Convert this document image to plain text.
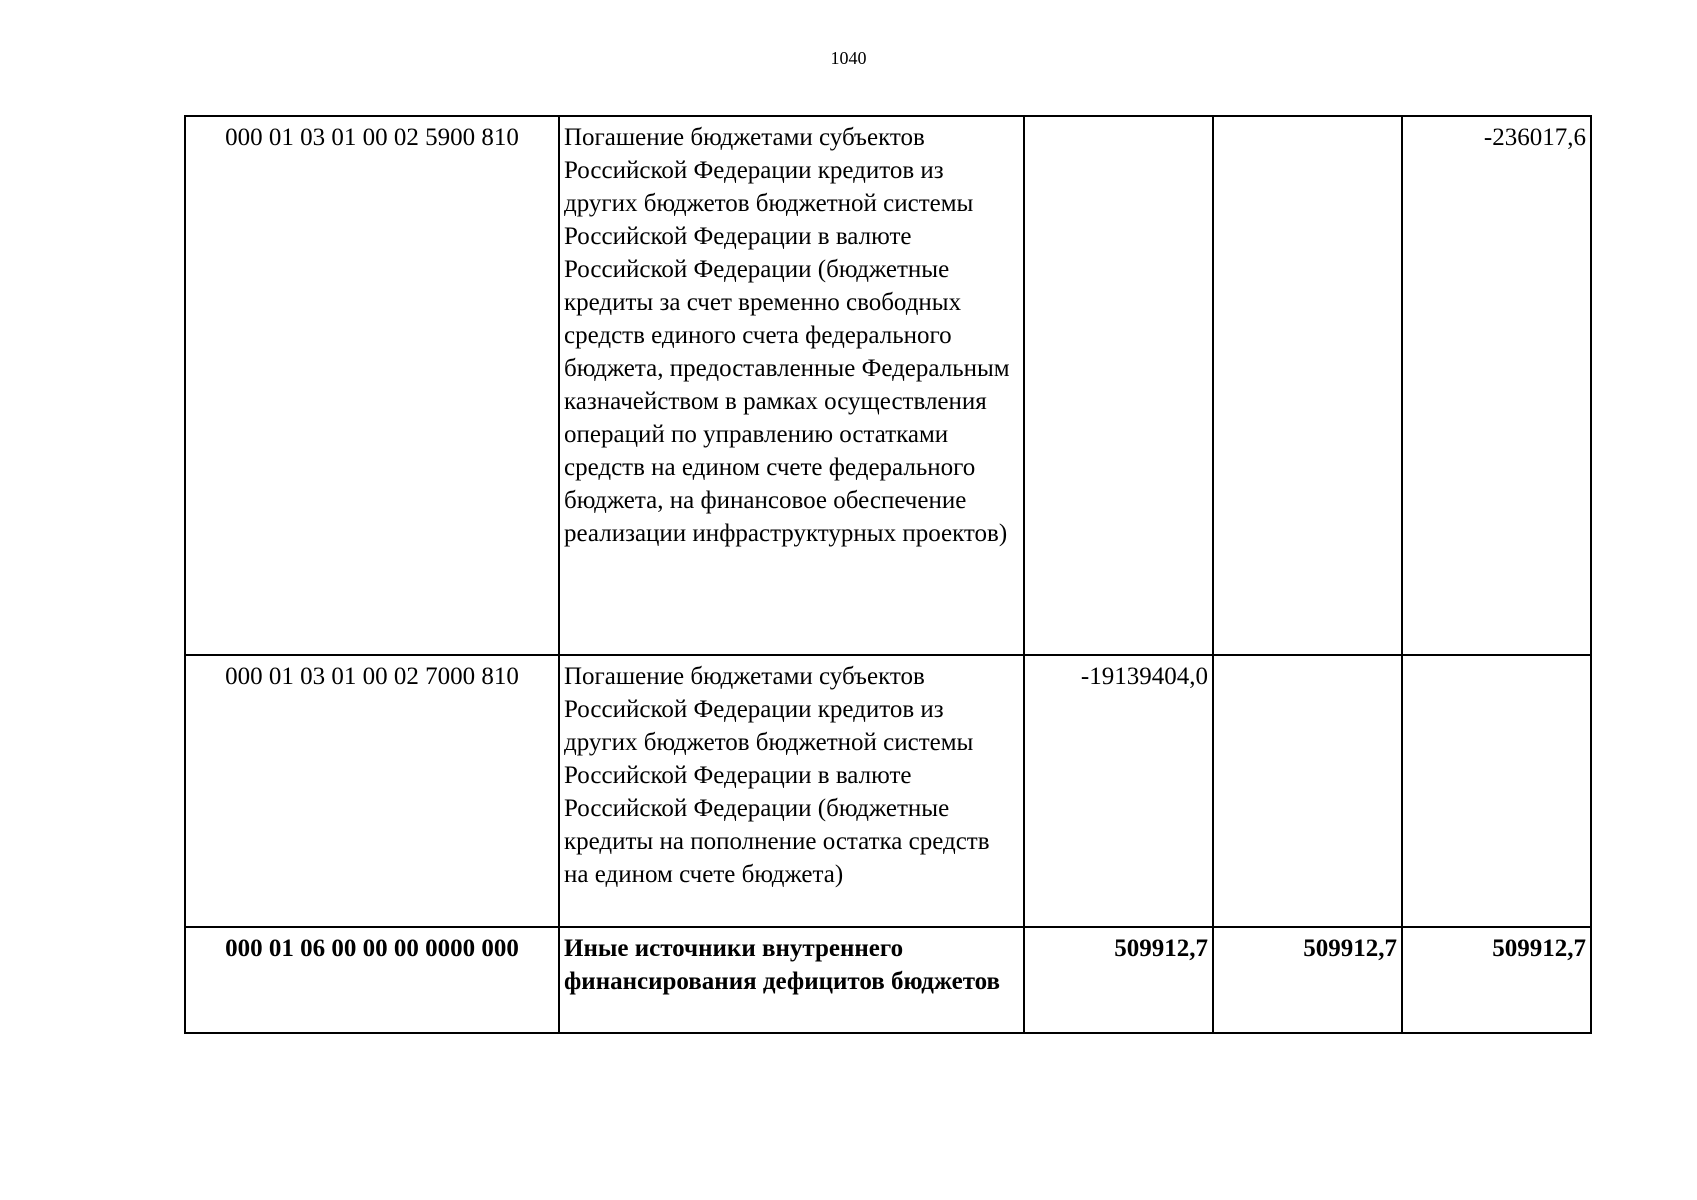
1040
000 01 03 01 00 02 5900 810	Погашение бюджетами субъектов Российской Федерации кредитов из других бюджетов бюджетной системы Российской Федерации в валюте Российской Федерации (бюджетные кредиты за счет временно свободных средств единого счета федерального бюджета, предоставленные Федеральным казначейством в рамках осуществления операций по управлению остатками средств на едином счете федерального бюджета, на финансовое обеспечение реализации инфраструктурных проектов)			-236017,6
000 01 03 01 00 02 7000 810	Погашение бюджетами субъектов Российской Федерации кредитов из других бюджетов бюджетной системы Российской Федерации в валюте Российской Федерации (бюджетные кредиты на пополнение остатка средств на едином счете бюджета)	-19139404,0		
000 01 06 00 00 00 0000 000	Иные источники внутреннего финансирования дефицитов бюджетов	509912,7	509912,7	509912,7
